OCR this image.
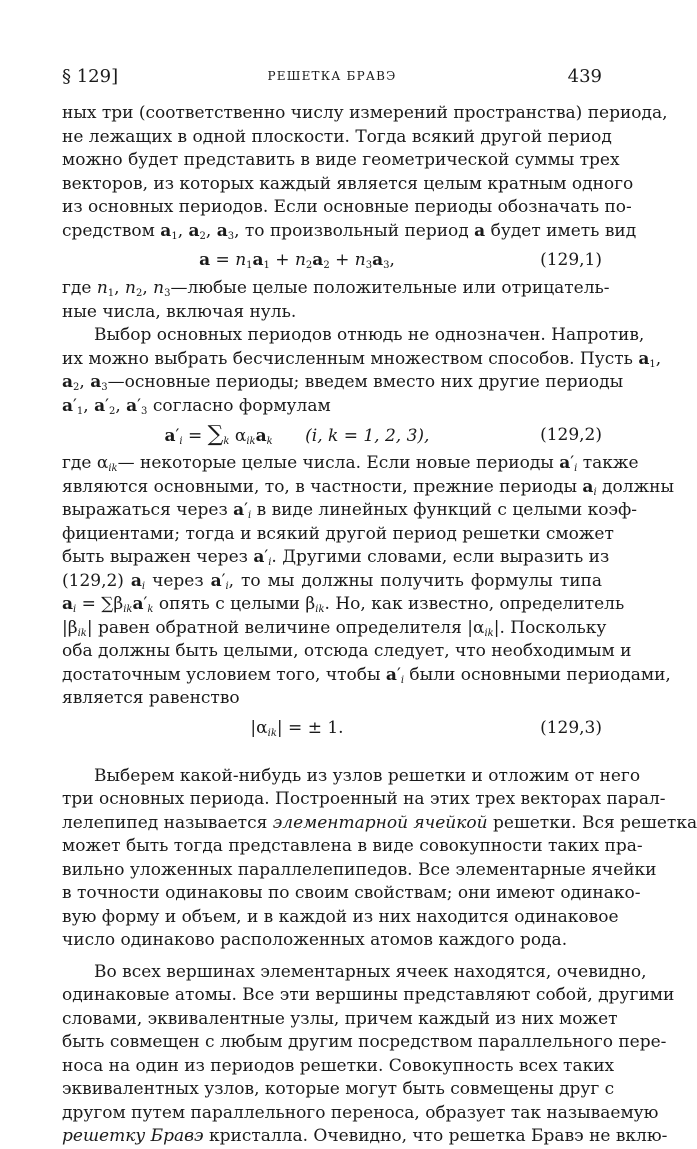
§ 129]	РЕШЕТКА БРАВЭ	439
ных три (соответственно числу измерений пространства) периода,
не лежащих в одной плоскости. Тогда всякий другой период
можно будет представить в виде геометрической суммы трех
векторов, из которых каждый является целым кратным одного
из основных периодов. Если основные периоды обозначать по-
средством $a_1$, $a_2$, $a_3$, то произвольный период a будет иметь вид
$a = n_1a_1 + n_2a_2 + n_3a_3$,	(129,1)
где $n_1$, $n_2$, $n_3—любые$ целые положительные или отрицатель-
ные числа, включая нуль.
Выбор основных периодов отнюдь не однозначен. Напротив,
их можно выбрать бесчисленным множеством способов. Пусть $a_1$,
$a_2$, $a_3—основные$ периоды; введем вместо них другие периоды
$a'_1$, $a'_2$, $a'_3$ согласно формулам
$a'_i = \sum_k$ $\alpha_{ik}a_k$ (i, k = 1, 2, 3),	(129,2)
где $\alpha_{ik}—$ некоторые целые числа. Если новые периоды $a'_i$ также
являются основными, то, в частности, прежние периоды $a_i$ должны
выражаться через $a'_i$ в виде линейных функций с целыми коэф-
фициентами; тогда и всякий другой период решетки сможет
быть выражен через $a'_i$. Другими словами, если выразить из
(129,2) $a_i$ через $a'_i$, то мы должны получить формулы типа
$a_i = \sum\beta_{ik}a'_k$ опять с целыми $\beta_{ik}$. Но, как известно, определитель
$|\beta_{ik}|$ равен обратной величине определителя $|\alpha_{ik}|$. Поскольку
оба должны быть целыми, отсюда следует, что необходимым и
достаточным условием того, чтобы $a'_i$ были основными периодами,
является равенство
$|\alpha_{ik}|$ = ± 1.	(129,3)
Выберем какой-нибудь из узлов решетки и отложим от него
три основных периода. Построенный на этих трех векторах парал-
лелепипед называется элементарной ячейкой решетки. Вся решетка
может быть тогда представлена в виде совокупности таких пра-
вильно уложенных параллелепипедов. Все элементарные ячейки
в точности одинаковы по своим свойствам; они имеют одинако-
вую форму и объем, и в каждой из них находится одинаковое
число одинаково расположенных атомов каждого рода.
Во всех вершинах элементарных ячеек находятся, очевидно,
одинаковые атомы. Все эти вершины представляют собой, другими
словами, эквивалентные узлы, причем каждый из них может
быть совмещен с любым другим посредством параллельного пере-
носа на один из периодов решетки. Совокупность всех таких
эквивалентных узлов, которые могут быть совмещены друг с
другом путем параллельного переноса, образует так называемую
решетку Бравэ кристалла. Очевидно, что решетка Бравэ не вклю-
